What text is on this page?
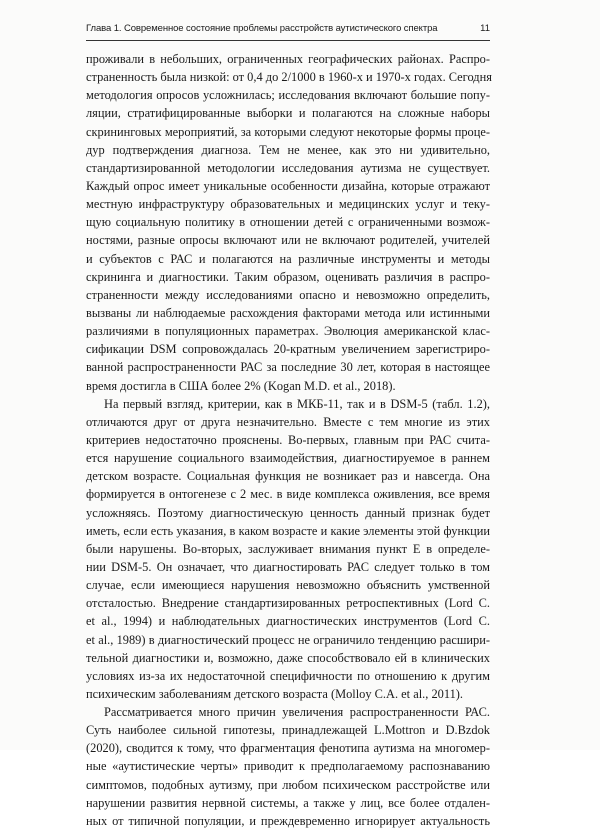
Глава 1. Современное состояние проблемы расстройств аутистического спектра	11
проживали в небольших, ограниченных географических районах. Распро-
страненность была низкой: от 0,4 до 2/1000 в 1960-х и 1970-х годах. Сегодня
методология опросов усложнилась; исследования включают большие попу-
ляции, стратифицированные выборки и полагаются на сложные наборы
скрининговых мероприятий, за которыми следуют некоторые формы проце-
дур подтверждения диагноза. Тем не менее, как это ни удивительно,
стандартизированной методологии исследования аутизма не существует.
Каждый опрос имеет уникальные особенности дизайна, которые отражают
местную инфраструктуру образовательных и медицинских услуг и теку-
щую социальную политику в отношении детей с ограниченными возмож-
ностями, разные опросы включают или не включают родителей, учителей
и субъектов с РАС и полагаются на различные инструменты и методы
скрининга и диагностики. Таким образом, оценивать различия в распро-
страненности между исследованиями опасно и невозможно определить,
вызваны ли наблюдаемые расхождения факторами метода или истинными
различиями в популяционных параметрах. Эволюция американской клас-
сификации DSM сопровождалась 20-кратным увеличением зарегистриро-
ванной распространенности РАС за последние 30 лет, которая в настоящее
время достигла в США более 2% (Kogan M.D. et al., 2018).
На первый взгляд, критерии, как в МКБ-11, так и в DSM-5 (табл. 1.2),
отличаются друг от друга незначительно. Вместе с тем многие из этих
критериев недостаточно прояснены. Во-первых, главным при РАС счита-
ется нарушение социального взаимодействия, диагностируемое в раннем
детском возрасте. Социальная функция не возникает раз и навсегда. Она
формируется в онтогенезе с 2 мес. в виде комплекса оживления, все время
усложняясь. Поэтому диагностическую ценность данный признак будет
иметь, если есть указания, в каком возрасте и какие элементы этой функции
были нарушены. Во-вторых, заслуживает внимания пункт Е в определе-
нии DSM-5. Он означает, что диагностировать РАС следует только в том
случае, если имеющиеся нарушения невозможно объяснить умственной
отсталостью. Внедрение стандартизированных ретроспективных (Lord C.
et al., 1994) и наблюдательных диагностических инструментов (Lord C.
et al., 1989) в диагностический процесс не ограничило тенденцию расшири-
тельной диагностики и, возможно, даже способствовало ей в клинических
условиях из-за их недостаточной специфичности по отношению к другим
психическим заболеваниям детского возраста (Molloy C.A. et al., 2011).
Рассматривается много причин увеличения распространенности РАС.
Суть наиболее сильной гипотезы, принадлежащей L.Mottron и D.Bzdok
(2020), сводится к тому, что фрагментация фенотипа аутизма на многомер-
ные «аутистические черты» приводит к предполагаемому распознаванию
симптомов, подобных аутизму, при любом психическом расстройстве или
нарушении развития нервной системы, а также у лиц, все более отдален-
ных от типичной популяции, и преждевременно игнорирует актуальность
